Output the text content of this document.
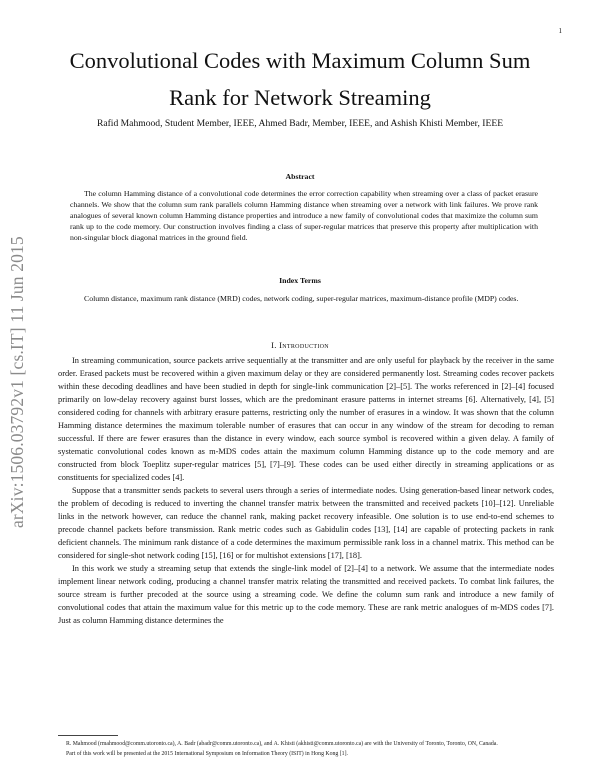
1
arXiv:1506.03792v1 [cs.IT] 11 Jun 2015
Convolutional Codes with Maximum Column Sum Rank for Network Streaming
Rafid Mahmood, Student Member, IEEE, Ahmed Badr, Member, IEEE, and Ashish Khisti Member, IEEE
Abstract

The column Hamming distance of a convolutional code determines the error correction capability when streaming over a class of packet erasure channels. We show that the column sum rank parallels column Hamming distance when streaming over a network with link failures. We prove rank analogues of several known column Hamming distance properties and introduce a new family of convolutional codes that maximize the column sum rank up to the code memory. Our construction involves finding a class of super-regular matrices that preserve this property after multiplication with non-singular block diagonal matrices in the ground field.

Index Terms

Column distance, maximum rank distance (MRD) codes, network coding, super-regular matrices, maximum-distance profile (MDP) codes.

I. Introduction

In streaming communication, source packets arrive sequentially at the transmitter and are only useful for playback by the receiver in the same order. Erased packets must be recovered within a given maximum delay or they are considered permanently lost. Streaming codes recover packets within these decoding deadlines and have been studied in depth for single-link communication [2]–[5]. The works referenced in [2]–[4] focused primarily on low-delay recovery against burst losses, which are the predominant erasure patterns in internet streams [6]. Alternatively, [4], [5] considered coding for channels with arbitrary erasure patterns, restricting only the number of erasures in a window. It was shown that the column Hamming distance determines the maximum tolerable number of erasures that can occur in any window of the stream for decoding to reman successful. If there are fewer erasures than the distance in every window, each source symbol is recovered within a given delay. A family of systematic convolutional codes known as m-MDS codes attain the maximum column Hamming distance up to the code memory and are constructed from block Toeplitz super-regular matrices [5], [7]–[9]. These codes can be used either directly in streaming applications or as constituents for specialized codes [4].

Suppose that a transmitter sends packets to several users through a series of intermediate nodes. Using generation-based linear network codes, the problem of decoding is reduced to inverting the channel transfer matrix between the transmitted and received packets [10]–[12]. Unreliable links in the network however, can reduce the channel rank, making packet recovery infeasible. One solution is to use end-to-end schemes to precode channel packets before transmission. Rank metric codes such as Gabidulin codes [13], [14] are capable of protecting packets in rank deficient channels. The minimum rank distance of a code determines the maximum permissible rank loss in a channel matrix. This method can be considered for single-shot network coding [15], [16] or for multishot extensions [17], [18].

In this work we study a streaming setup that extends the single-link model of [2]–[4] to a network. We assume that the intermediate nodes implement linear network coding, producing a channel transfer matrix relating the transmitted and received packets. To combat link failures, the source stream is further precoded at the source using a streaming code. We define the column sum rank and introduce a new family of convolutional codes that attain the maximum value for this metric up to the code memory. These are rank metric analogues of m-MDS codes [7]. Just as column Hamming distance determines the

R. Mahmood (rmahmood@comm.utoronto.ca), A. Badr (abadr@comm.utoronto.ca), and A. Khisti (akhisti@comm.utoronto.ca) are with the University of Toronto, Toronto, ON, Canada.

Part of this work will be presented at the 2015 International Symposium on Information Theory (ISIT) in Hong Kong [1].
